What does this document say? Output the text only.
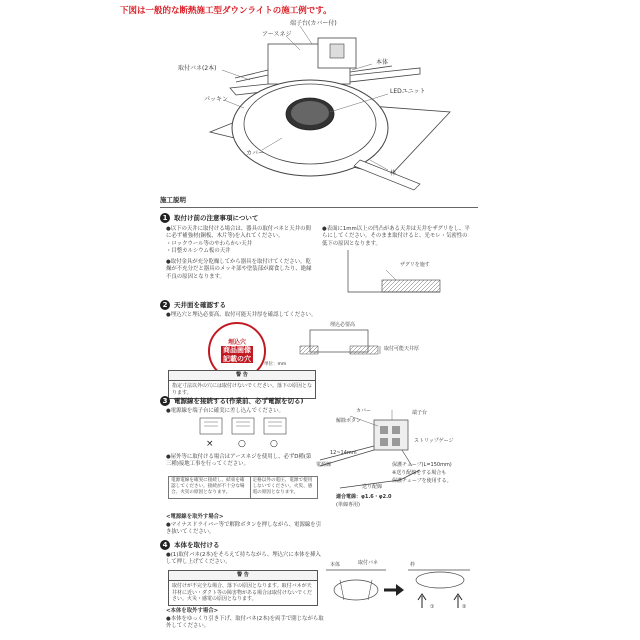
下図は一般的な断熱施工型ダウンライトの施工例です。
端子台(カバー付)
アースネジ
取付バネ(2本)
本体
LEDユニット
パッキン
カバー
枠
施工説明
1	取付け前の注意事項について
●以下の天井に取付ける場合は、器具の取付バネと天井の間に必ず補強材(銅板、木片等)を入れてください。
・ロックウール等のやわらかい天井
・目整カルシウム板の天井
●取付金具が充分乾燥してから器具を取付けてください。乾燥が不充分だと器具のメッキ部や塗装部が腐食したり、絶縁不良の原因となります。
●表面に1mm以上の凹凸がある天井は天井をザグリをし、平らにしてください。そのまま取付けると、光モレ・気密性の低下の原因となります。
ザグリを施す
2	天井面を確認する
●埋込穴と埋込必要高、取付可能天井厚を確認してください。
埋込穴
商品画像
記載の穴
単位：mm
埋込必要高
取付可能天井厚
警 告
指定寸法以外の穴には取付けないでください。落下の原因となります。
3	電源線を接続する(作業前、必ず電源を切る)
●電源線を端子台に確実に差し込んでください。
×	○	○
●屋外等に取付ける場合はアースネジを使用し、必ずD種(第三種)接地工事を行ってください。
電源電線を確実に接続し、結束を確認してください。接続が不十分な場合、火災の原因となります。	定格以外の電圧、電源で使用しないでください。火災、感電の原因となります。
<電源線を取外す場合>
●マイナスドライバー等で解除ボタンを押しながら、電源線を引き抜いてください。
カバー
解除ボタン
端子台
ストリップゲージ
12~14mm
電源線	保護チューブ(L=150mm)
※送り配線をする場合も
保護チューブを使用する。
送り配線
適合電線：φ1.6・φ2.0
(単線専用)
4	本体を取付ける
●(1)取付バネ(2本)をそろえて持ちながら、埋込穴に本体を挿入して押し上げてください。
警 告
取付けが不完全な場合、落下の原因となります。取付バネが天井材に近い・ダクト等の障害物がある場合は取付けないでください。火災・感電の原因となります。
<本体を取外す場合>
●本体をゆっくり引き下げ、取付バネ(2本)を両手で閉じながら取外してください。
本体	取付バネ	枠
①	②
